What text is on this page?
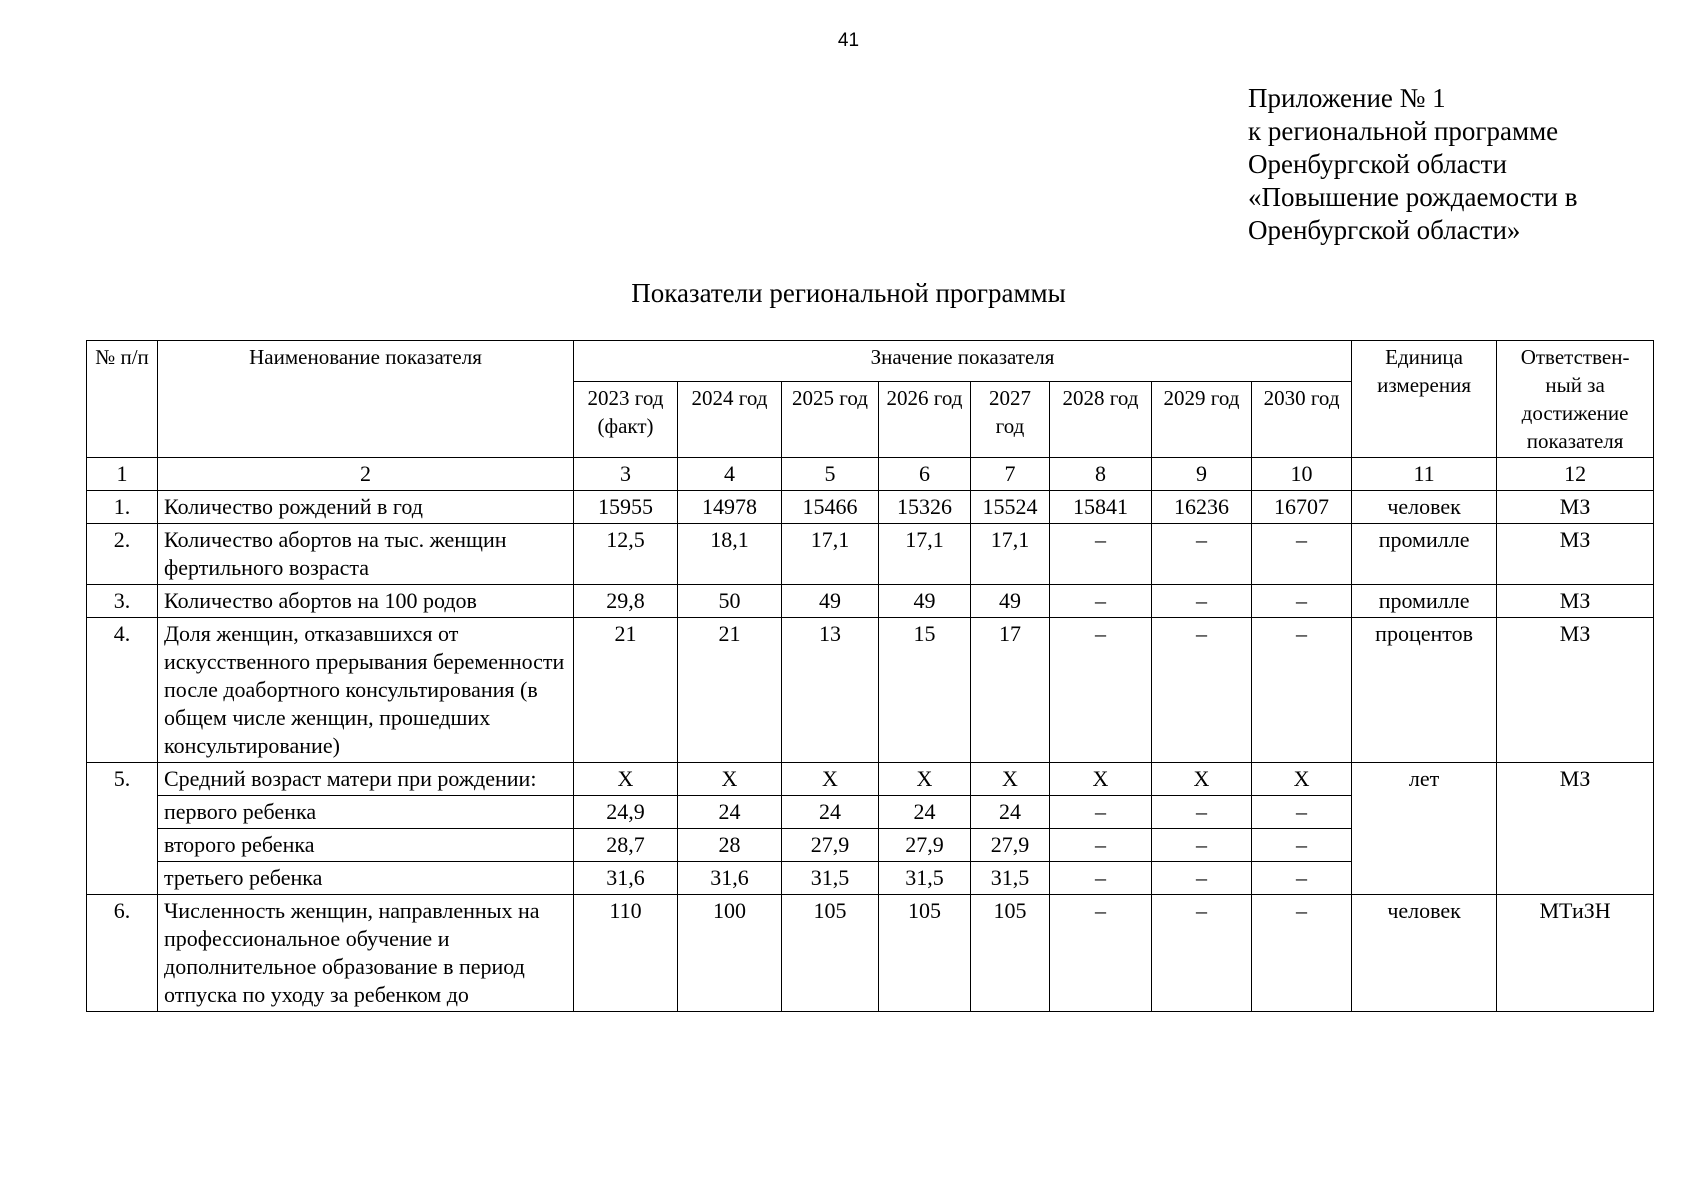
41
Приложение № 1
к региональной программе
Оренбургской области
«Повышение рождаемости в
Оренбургской области»
Показатели региональной программы
№ п/п	Наименование показателя	Значение показателя								Единица измерения	Ответствен-ный за достижение показателя
		2023 год (факт)	2024 год	2025 год	2026 год	2027 год	2028 год	2029 год	2030 год		
1	2	3	4	5	6	7	8	9	10	11	12
1.	Количество рождений в год	15955	14978	15466	15326	15524	15841	16236	16707	человек	МЗ
2.	Количество абортов на тыс. женщин фертильного возраста	12,5	18,1	17,1	17,1	17,1	–	–	–	промилле	МЗ
3.	Количество абортов на 100 родов	29,8	50	49	49	49	–	–	–	промилле	МЗ
4.	Доля женщин, отказавшихся от искусственного прерывания беременности после доабортного консультирования (в общем числе женщин, прошедших консультирование)	21	21	13	15	17	–	–	–	процентов	МЗ
5.	Средний возраст матери при рождении:	X	X	X	X	X	X	X	X	лет	МЗ
	первого ребенка	24,9	24	24	24	24	–	–	–		
	второго ребенка	28,7	28	27,9	27,9	27,9	–	–	–		
	третьего ребенка	31,6	31,6	31,5	31,5	31,5	–	–	–		
6.	Численность женщин, направленных на профессиональное обучение и дополнительное образование в период отпуска по уходу за ребенком до	110	100	105	105	105	–	–	–	человек	МТиЗН
